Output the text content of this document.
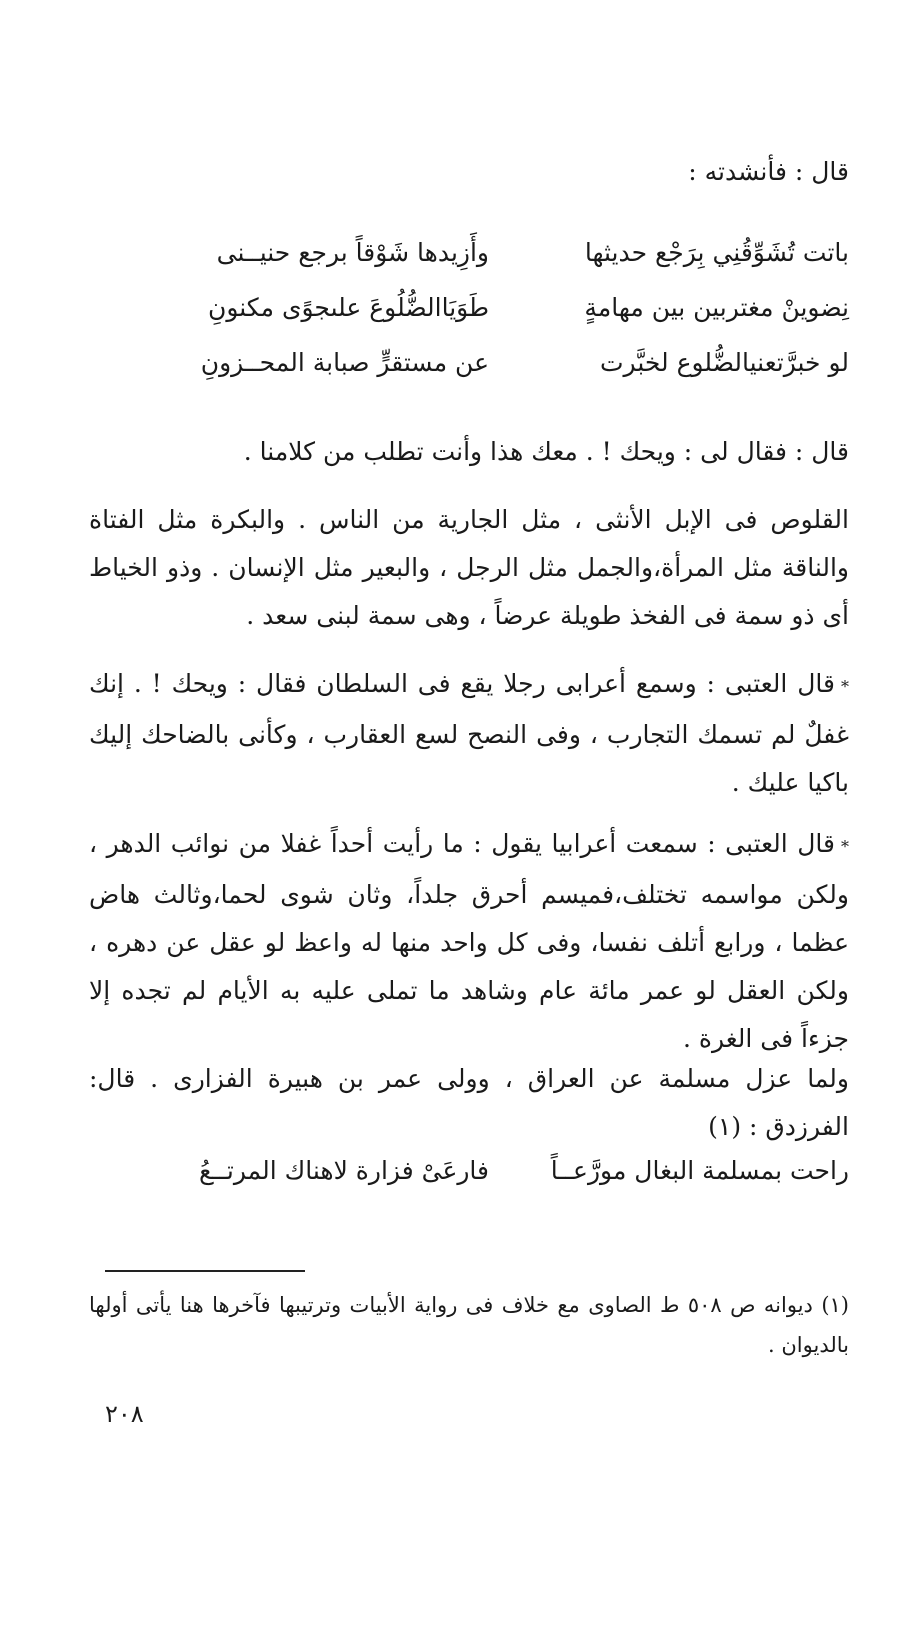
قال : فأنشدته :
باتت تُشَوِّقُنِي بِرَجْع حديثها
وأَزِيدها شَوْقاً برجع حنيــنى
نِضوينْ مغتربين بين مهامةٍ
طَوَيَاالضُّلُوعَ علىجوًى مكنونِ
لو خبرَّتعنيالضُّلوع لخبَّرت
عن مستقرٍّ صبابة المحــزونِ
قال : فقال لى : ويحك ! . معك هذا وأنت تطلب من كلامنا .
القلوص فى الإبل الأنثى ، مثل الجارية من الناس . والبكرة مثل الفتاة والناقة مثل المرأة،والجمل مثل الرجل ، والبعير مثل الإنسان . وذو الخياط أى ذو سمة فى الفخذ طويلة عرضاً ، وهى سمة لبنى سعد .
*قال العتبى : وسمع أعرابى رجلا يقع فى السلطان فقال : ويحك ! . إنك غفلٌ لم تسمك التجارب ، وفى النصح لسع العقارب ، وكأنى بالضاحك إليك باكيا عليك .
*قال العتبى : سمعت أعرابيا يقول : ما رأيت أحداً غفلا من نوائب الدهر ، ولكن مواسمه تختلف،فميسم أحرق جلداً، وثان شوى لحما،وثالث هاض عظما ، ورابع أتلف نفسا، وفى كل واحد منها له واعظ لو عقل عن دهره ، ولكن العقل لو عمر مائة عام وشاهد ما تملى عليه به الأيام لم تجده إلا جزءاً فى الغرة .
ولما عزل مسلمة عن العراق ، وولى عمر بن هبيرة الفزارى . قال: الفرزدق : (١)
راحت بمسلمة البغال مورَّعــاً
فارعَىْ فزارة لاهناك المرتــعُ
(١) ديوانه ص ٥٠٨ ط الصاوى مع خلاف فى رواية الأبيات وترتيبها فآخرها هنا يأتى أولها بالديوان .
٢٠٨
